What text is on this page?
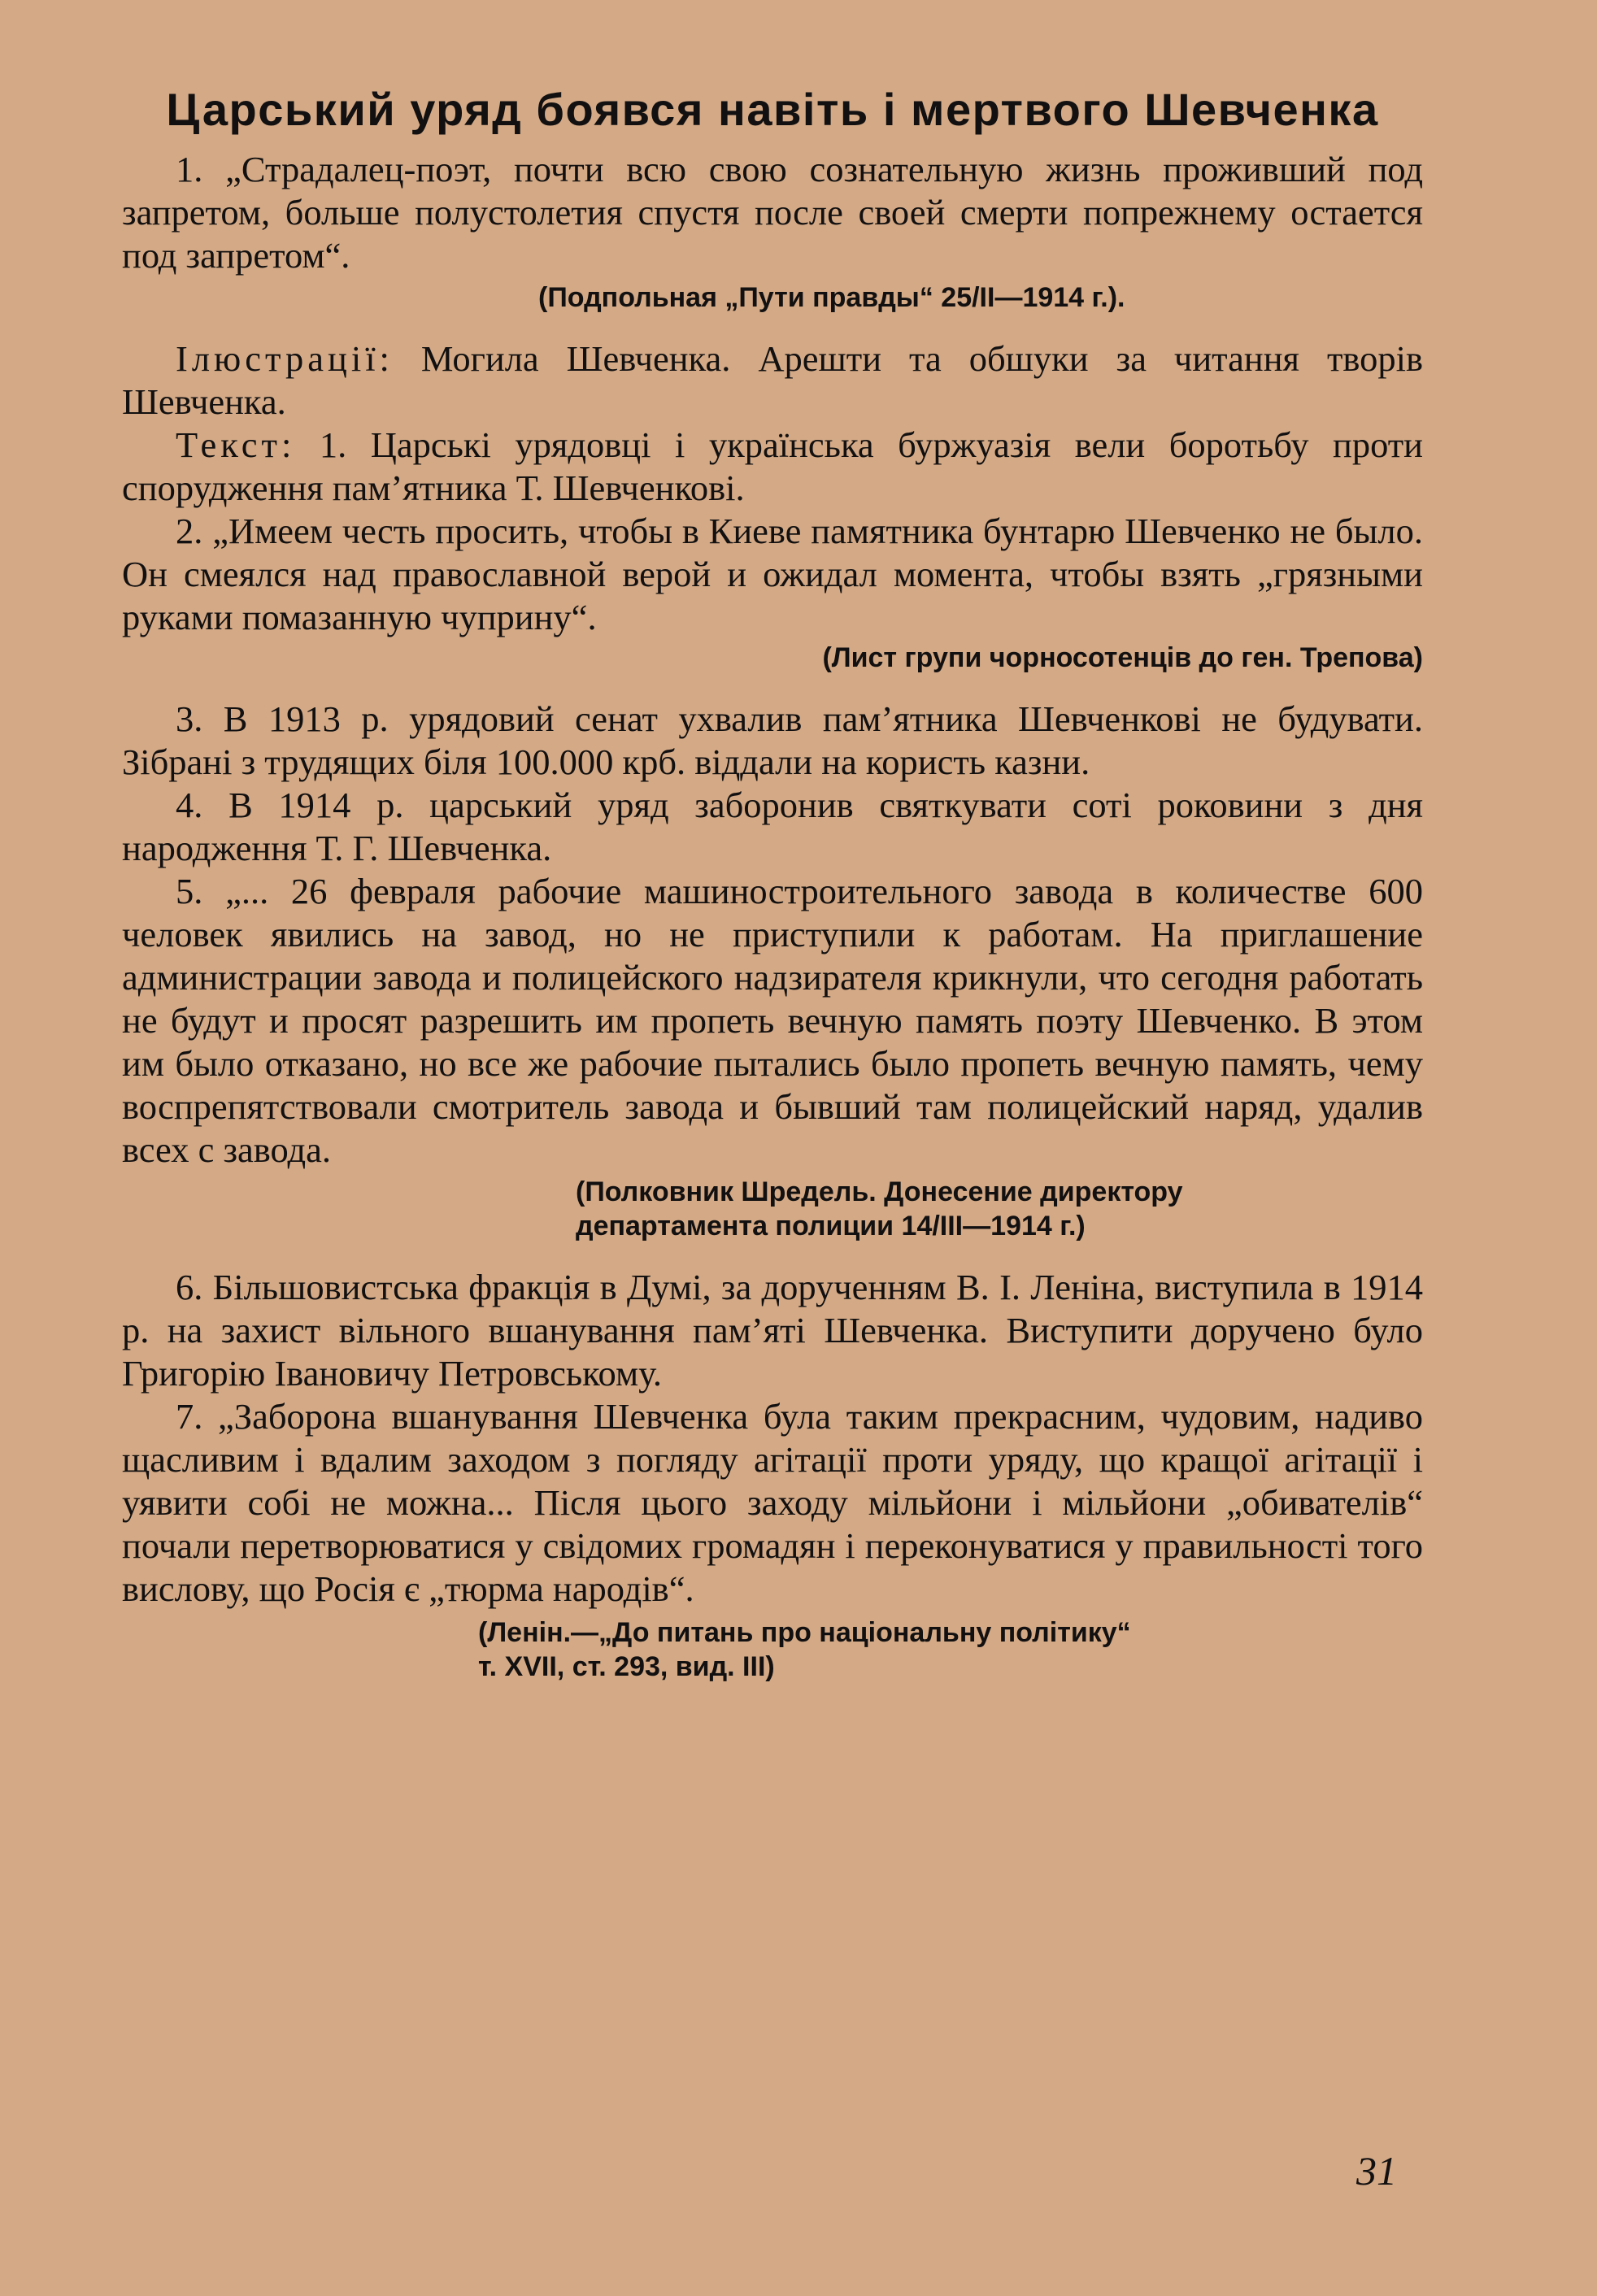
Царський уряд боявся навіть і мертвого Шевченка

1. „Страдалец-поэт, почти всю свою сознательную жизнь проживший под запретом, больше полустолетия спустя после своей смерти попрежнему остается под запретом“.

(Подпольная „Пути правды“ 25/II—1914 г.).

Ілюстрації: Могила Шевченка. Арешти та обшуки за читання творів Шевченка.

Текст: 1. Царські урядовці і українська буржуазія вели боротьбу проти спорудження пам’ятника Т. Шевченкові.

2. „Имеем честь просить, чтобы в Киеве памятника бунтарю Шевченко не было. Он смеялся над православной верой и ожидал момента, чтобы взять „грязными руками помазанную чуприну“.

(Лист групи чорносотенців до ген. Трепова)

3. В 1913 р. урядовий сенат ухвалив пам’ятника Шевченкові не будувати. Зібрані з трудящих біля 100.000 крб. віддали на користь казни.

4. В 1914 р. царський уряд заборонив святкувати соті роковини з дня народження Т. Г. Шевченка.

5. „... 26 февраля рабочие машиностроительного завода в количестве 600 человек явились на завод, но не приступили к работам. На приглашение администрации завода и полицейского надзирателя крикнули, что сегодня работать не будут и просят разрешить им пропеть вечную память поэту Шевченко. В этом им было отказано, но все же рабочие пытались было пропеть вечную память, чему воспрепятствовали смотритель завода и бывший там полицейский наряд, удалив всех с завода.

(Полковник Шредель. Донесение директору

департамента полиции 14/III—1914 г.)

6. Більшовистська фракція в Думі, за дорученням В. І. Леніна, виступила в 1914 р. на захист вільного вшанування пам’яті Шевченка. Виступити доручено було Григорію Івановичу Петровському.

7. „Заборона вшанування Шевченка була таким прекрасним, чудовим, надиво щасливим і вдалим заходом з погляду агітації проти уряду, що кращої агітації і уявити собі не можна... Після цього заходу мільйони і мільйони „обивателів“ почали перетворюватися у свідомих громадян і переконуватися у правильності того вислову, що Росія є „тюрма народів“.

(Ленін.—„До питань про національну політику“

т. XVII, ст. 293, вид. III)

31
